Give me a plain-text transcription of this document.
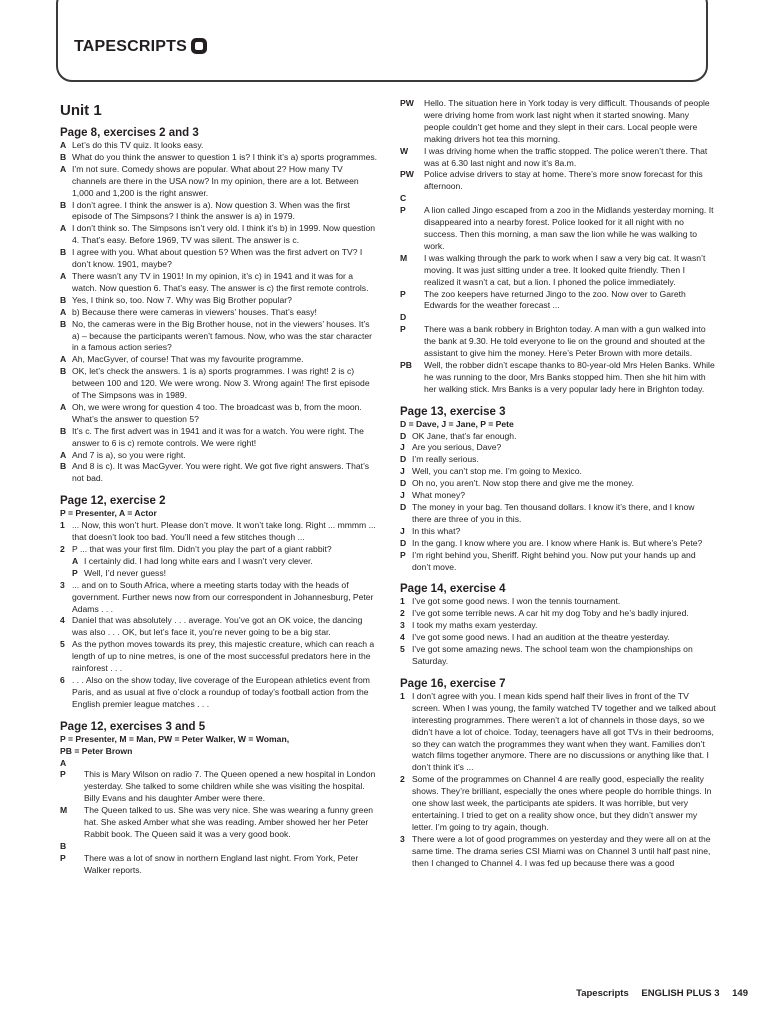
TAPESCRIPTS
Unit 1
Page 8, exercises 2 and 3
A Let’s do this TV quiz. It looks easy.
B What do you think the answer to question 1 is? I think it’s a) sports programmes.
A I’m not sure. Comedy shows are popular. What about 2? How many TV channels are there in the USA now? In my opinion, there are a lot. Between 1,000 and 1,200 is the right answer.
B I don’t agree. I think the answer is a). Now question 3. When was the first episode of The Simpsons? I think the answer is a) in 1979.
A I don’t think so. The Simpsons isn’t very old. I think it’s b) in 1999. Now question 4. That’s easy. Before 1969, TV was silent. The answer is c.
B I agree with you. What about question 5? When was the first advert on TV? I don’t know. 1901, maybe?
A There wasn’t any TV in 1901! In my opinion, it’s c) in 1941 and it was for a watch. Now question 6. That’s easy. The answer is c) the first remote controls.
B Yes, I think so, too. Now 7. Why was Big Brother popular?
A b) Because there were cameras in viewers’ houses. That’s easy!
B No, the cameras were in the Big Brother house, not in the viewers’ houses. It’s a) – because the participants weren’t famous. Now, who was the star character in a famous action series?
A Ah, MacGyver, of course! That was my favourite programme.
B OK, let’s check the answers. 1 is a) sports programmes. I was right! 2 is c) between 100 and 120. We were wrong. Now 3. Wrong again! The first episode of The Simpsons was in 1989.
A Oh, we were wrong for question 4 too. The broadcast was b, from the moon. What’s the answer to question 5?
B It’s c. The first advert was in 1941 and it was for a watch. You were right. The answer to 6 is c) remote controls. We were right!
A And 7 is a), so you were right.
B And 8 is c). It was MacGyver. You were right. We got five right answers. That’s not bad.
Page 12, exercise 2
P = Presenter, A = Actor
1 ... Now, this won’t hurt. Please don’t move. It won’t take long. Right ... mmmm ... that doesn’t look too bad. You’ll need a few stitches though ...
2 P ... that was your first film. Didn’t you play the part of a giant rabbit?
A I certainly did. I had long white ears and I wasn’t very clever.
P Well, I’d never guess!
3 ... and on to South Africa, where a meeting starts today with the heads of government. Further news now from our correspondent in Johannesburg, Peter Adams . . .
4 Daniel that was absolutely . . . average. You’ve got an OK voice, the dancing was also . . . OK, but let’s face it, you’re never going to be a big star.
5 As the python moves towards its prey, this majestic creature, which can reach a length of up to nine metres, is one of the most successful predators here in the rainforest . . .
6 . . . Also on the show today, live coverage of the European athletics event from Paris, and as usual at five o’clock a roundup of today’s football action from the English premier league matches . . .
Page 12, exercises 3 and 5
P = Presenter, M = Man, PW = Peter Walker, W = Woman,
PB = Peter Brown
A
P	This is Mary Wilson on radio 7. The Queen opened a new hospital in London yesterday. She talked to some children while she was visiting the hospital. Billy Evans and his daughter Amber were there.
M	The Queen talked to us. She was very nice. She was wearing a funny green hat. She asked Amber what she was reading. Amber showed her her Peter Rabbit book. The Queen said it was a very good book.
B
P	There was a lot of snow in northern England last night. From York, Peter Walker reports.
PW	Hello. The situation here in York today is very difficult. Thousands of people were driving home from work last night when it started snowing. Many people couldn’t get home and they slept in their cars. Local people were making drivers hot tea this morning.
W	I was driving home when the traffic stopped. The police weren’t there. That was at 6.30 last night and now it’s 8a.m.
PW	Police advise drivers to stay at home. There’s more snow forecast for this afternoon.
C
P	A lion called Jingo escaped from a zoo in the Midlands yesterday morning. It disappeared into a nearby forest. Police looked for it all night with no success. Then this morning, a man saw the lion while he was walking to work.
M	I was walking through the park to work when I saw a very big cat. It wasn’t moving. It was just sitting under a tree. It looked quite friendly. Then I realized it wasn’t a cat, but a lion. I phoned the police immediately.
P	The zoo keepers have returned Jingo to the zoo. Now over to Gareth Edwards for the weather forecast ...
D
P	There was a bank robbery in Brighton today. A man with a gun walked into the bank at 9.30. He told everyone to lie on the ground and shouted at the assistant to give him the money. Here’s Peter Brown with more details.
PB	Well, the robber didn’t escape thanks to 80-year-old Mrs Helen Banks. While he was running to the door, Mrs Banks stopped him. Then she hit him with her walking stick. Mrs Banks is a very popular lady here in Brighton today.
Page 13, exercise 3
D = Dave, J = Jane, P = Pete
D OK Jane, that’s far enough.
J Are you serious, Dave?
D I’m really serious.
J Well, you can’t stop me. I’m going to Mexico.
D Oh no, you aren’t. Now stop there and give me the money.
J What money?
D The money in your bag. Ten thousand dollars. I know it’s there, and I know there are three of you in this.
J In this what?
D In the gang. I know where you are. I know where Hank is. But where’s Pete?
P I’m right behind you, Sheriff. Right behind you. Now put your hands up and don’t move.
Page 14, exercise 4
1 I’ve got some good news. I won the tennis tournament.
2 I’ve got some terrible news. A car hit my dog Toby and he’s badly injured.
3 I took my maths exam yesterday.
4 I’ve got some good news. I had an audition at the theatre yesterday.
5 I’ve got some amazing news. The school team won the championships on Saturday.
Page 16, exercise 7
1 I don’t agree with you. I mean kids spend half their lives in front of the TV screen. When I was young, the family watched TV together and we talked about interesting programmes. There weren’t a lot of channels in those days, so we didn’t have a lot of choice. Today, teenagers have all got TVs in their bedrooms, so they can watch the programmes they want when they want. Families don’t watch films together anymore. There are no discussions or anything like that. I don’t think it’s ...
2 Some of the programmes on Channel 4 are really good, especially the reality shows. They’re brilliant, especially the ones where people do horrible things. In one show last week, the participants ate spiders. It was horrible, but very entertaining. I tried to get on a reality show once, but they didn’t answer my letter. I’m going to try again, though.
3 There were a lot of good programmes on yesterday and they were all on at the same time. The drama series CSI Miami was on Channel 3 until half past nine, then I changed to Channel 4. I was fed up because there was a good
Tapescripts ENGLISH PLUS 3 149
